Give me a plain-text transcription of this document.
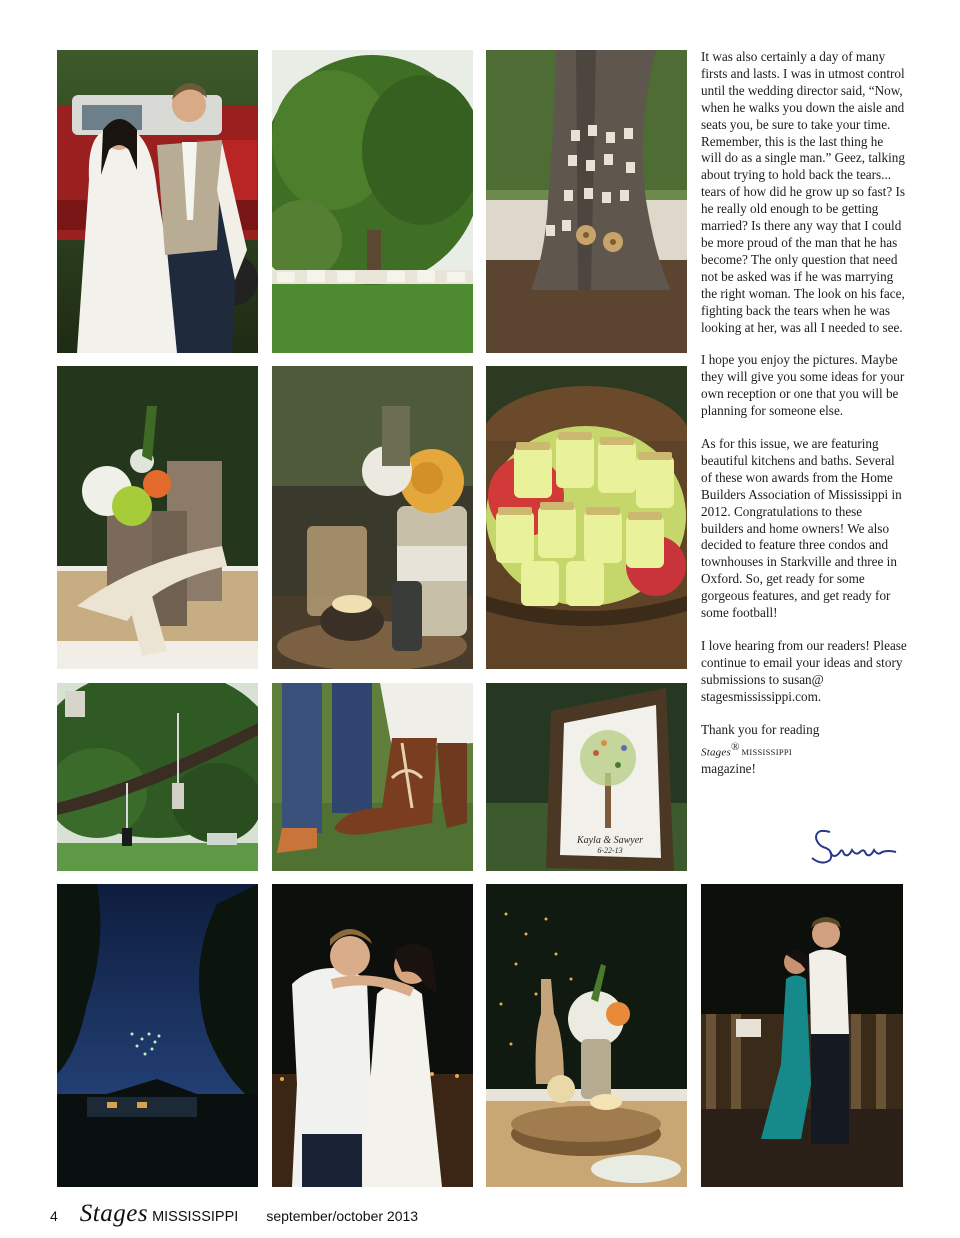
Kayla & Sawyer
6-22-13

It was also certainly a day of many firsts and lasts. I was in utmost control until the wedding director said, “Now, when he walks you down the aisle and seats you, be sure to take your time. Remember, this is the last thing he will do as a single man.” Geez, talking about trying to hold back the tears... tears of how did he grow up so fast? Is he really old enough to be getting married? Is there any way that I could be more proud of the man that he has become? The only question that need not be asked was if he was marrying the right woman. The look on his face, fighting back the tears when he was looking at her, was all I needed to see.

I hope you enjoy the pictures. Maybe they will give you some ideas for your own reception or one that you will be planning for someone else.

As for this issue, we are featuring beautiful kitchens and baths. Several of these won awards from the Home Builders Association of Mississippi in 2012. Congratulations to these builders and home owners! We also decided to feature three condos and townhouses in Starkville and three in Oxford. So, get ready for some gorgeous features, and get ready for some football!

I love hearing from our readers! Please continue to email your ideas and story submissions to susan@ stagesmississippi.com.

Thank you for reading
Stages® MISSISSIPPI
magazine!

4 Stages MISSISSIPPI september/october 2013
